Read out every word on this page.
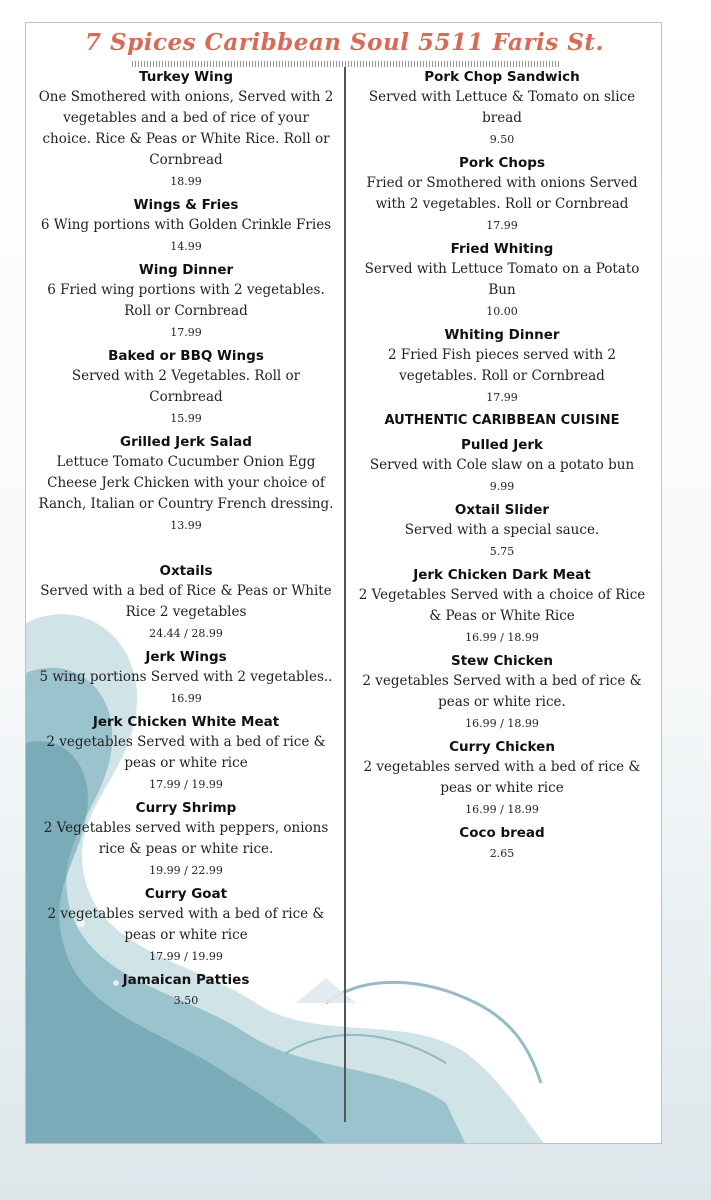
7 Spices Caribbean Soul 5511 Faris St.
Turkey Wing
One Smothered with onions, Served with 2 vegetables and a bed of rice of your choice. Rice & Peas or White Rice. Roll or Cornbread
18.99
Wings & Fries
6 Wing portions with Golden Crinkle Fries
14.99
Wing Dinner
6 Fried wing portions with 2 vegetables. Roll or Cornbread
17.99
Baked or BBQ Wings
Served with 2 Vegetables. Roll or Cornbread
15.99
Grilled Jerk Salad
Lettuce Tomato Cucumber Onion Egg Cheese Jerk Chicken with your choice of Ranch, Italian or Country French dressing.
13.99
Oxtails
Served with a bed of Rice & Peas or White Rice 2 vegetables
24.44 / 28.99
Jerk Wings
5 wing portions Served with 2 vegetables..
16.99
Jerk Chicken White Meat
2 vegetables Served with a bed of rice & peas or white rice
17.99 / 19.99
Curry Shrimp
2 Vegetables served with peppers, onions rice & peas or white rice.
19.99 / 22.99
Curry Goat
2 vegetables served with a bed of rice & peas or white rice
17.99 / 19.99
Jamaican Patties
3.50
Pork Chop Sandwich
Served with Lettuce & Tomato on slice bread
9.50
Pork Chops
Fried or Smothered with onions Served with 2 vegetables. Roll or Cornbread
17.99
Fried Whiting
Served with Lettuce Tomato on a Potato Bun
10.00
Whiting Dinner
2 Fried Fish pieces served with 2 vegetables. Roll or Cornbread
17.99
AUTHENTIC CARIBBEAN CUISINE
Pulled Jerk
Served with Cole slaw on a potato bun
9.99
Oxtail Slider
Served with a special sauce.
5.75
Jerk Chicken Dark Meat
2 Vegetables Served with a choice of Rice & Peas or White Rice
16.99 / 18.99
Stew Chicken
2 vegetables Served with a bed of rice & peas or white rice.
16.99 / 18.99
Curry Chicken
2 vegetables served with a bed of rice & peas or white rice
16.99 / 18.99
Coco bread
2.65
